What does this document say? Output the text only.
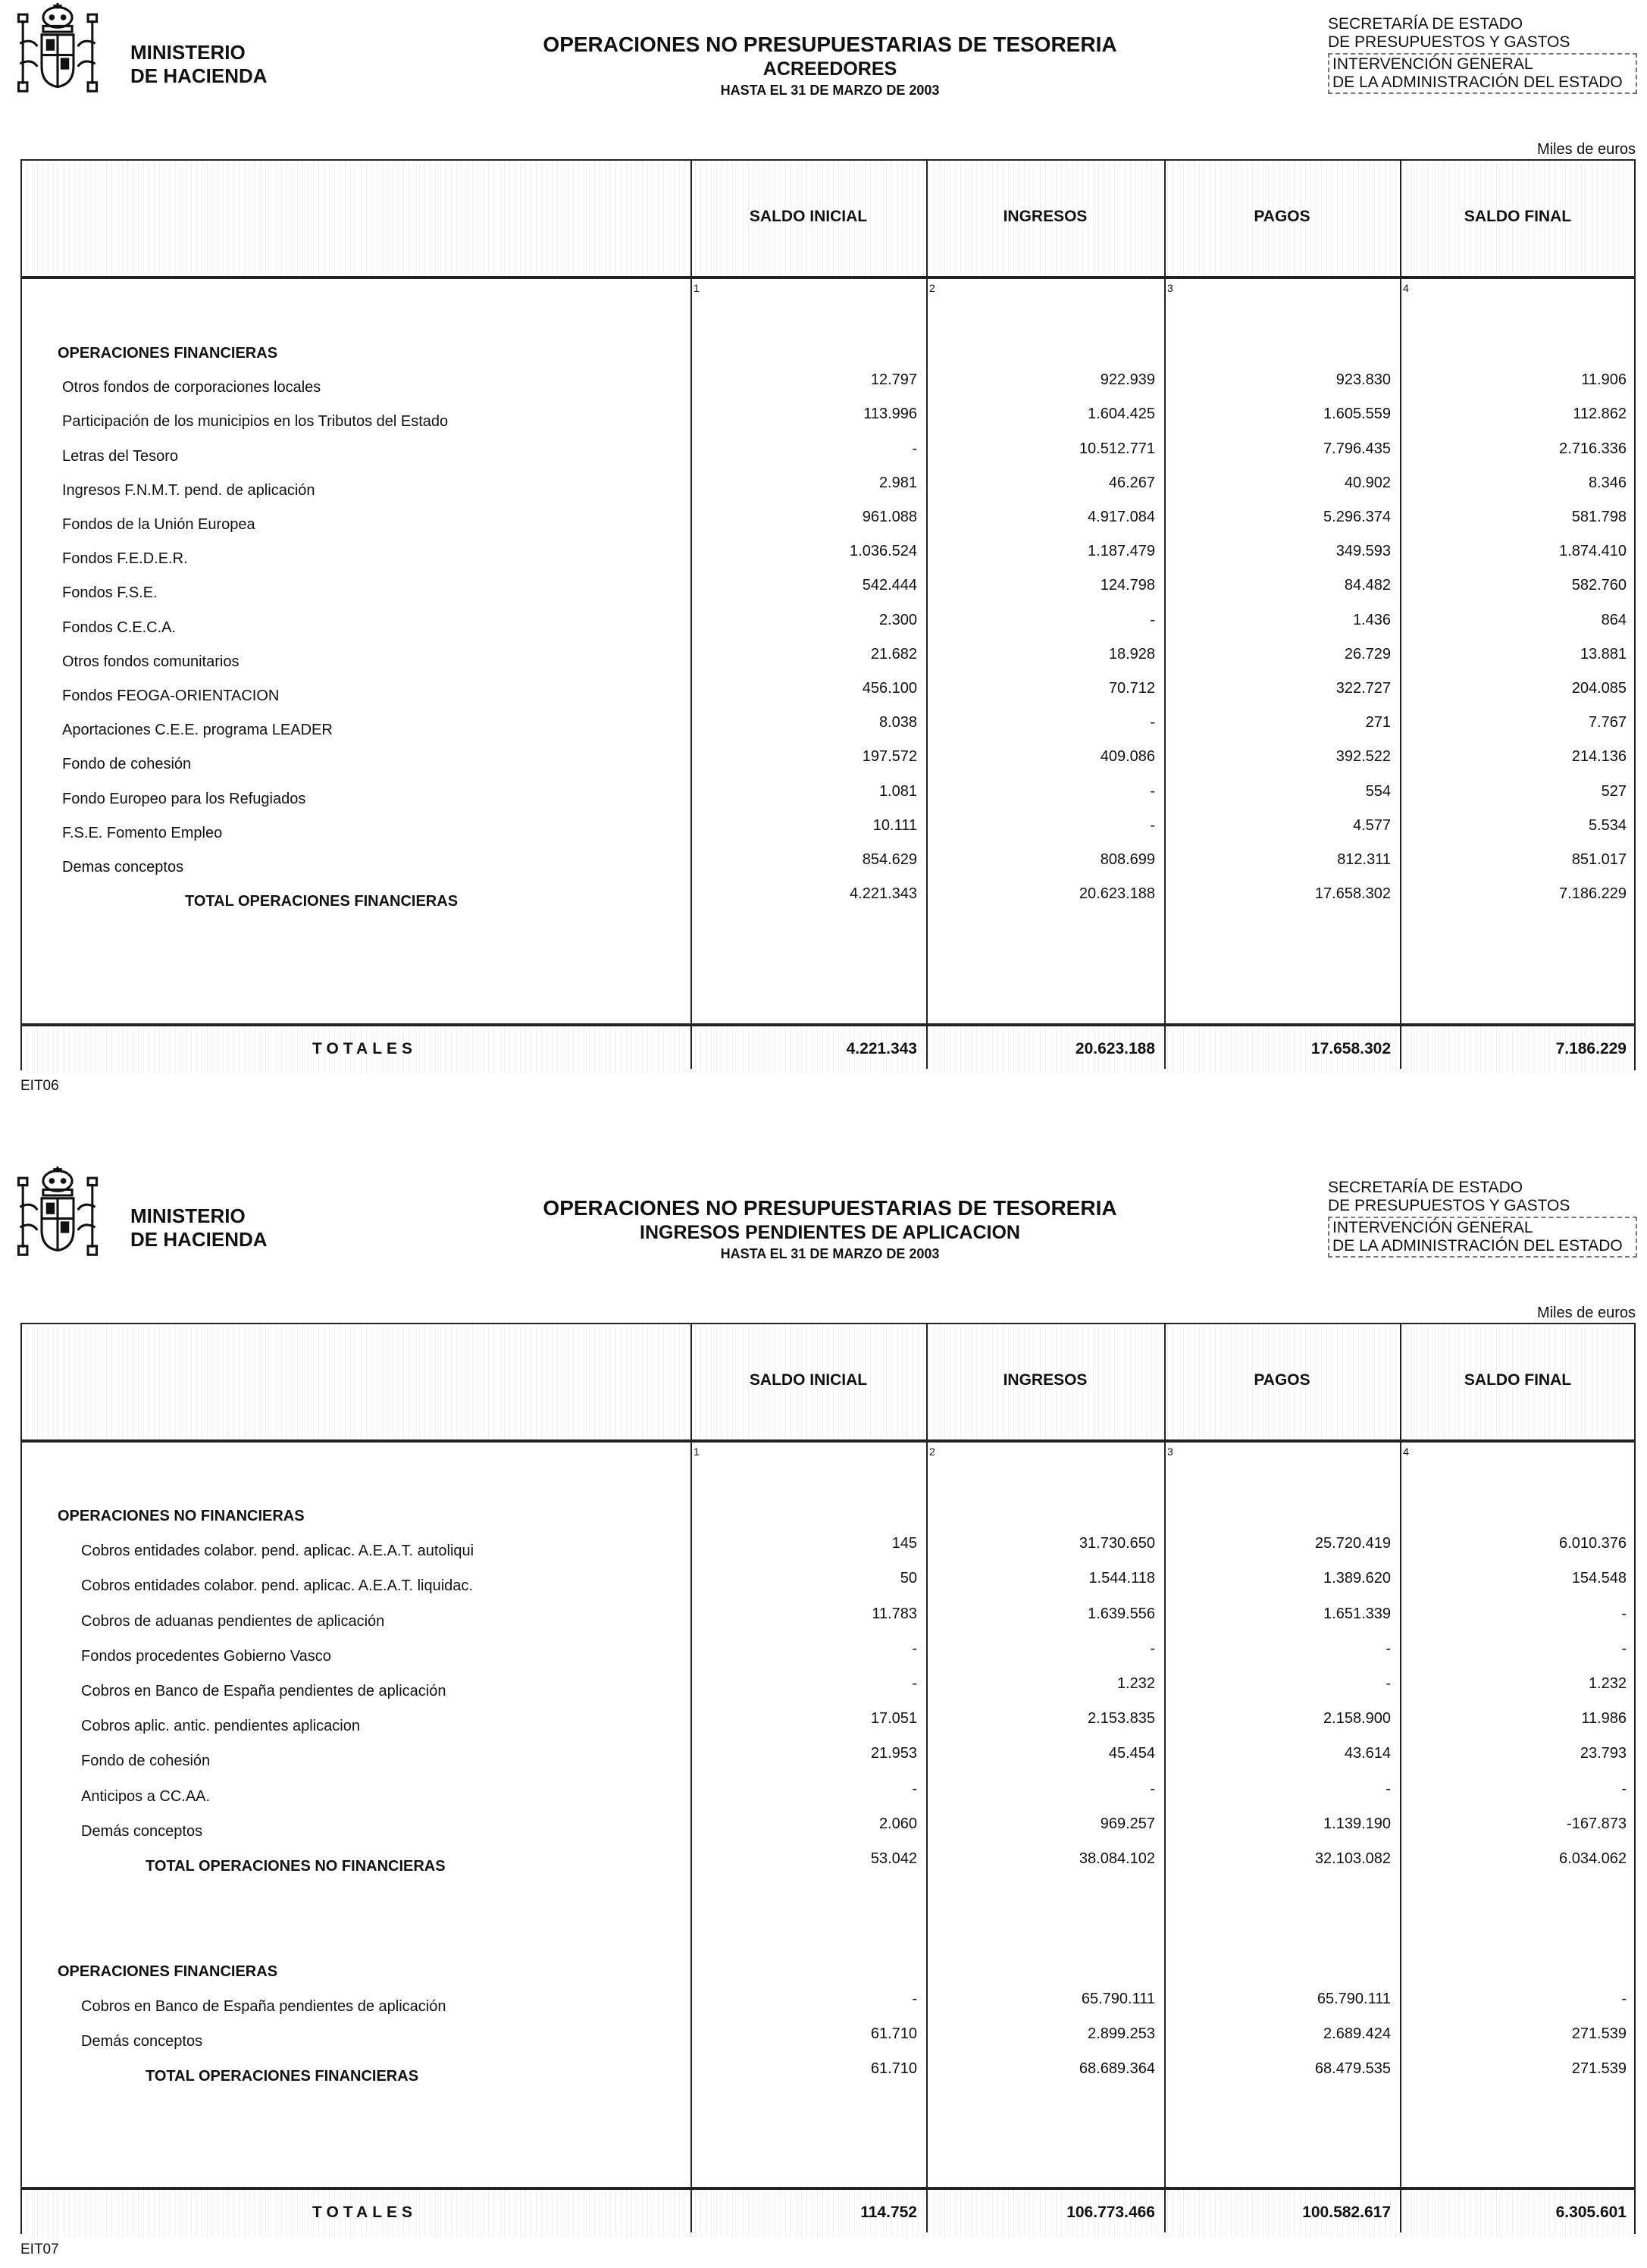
MINISTERIO
DE HACIENDA
OPERACIONES NO PRESUPUESTARIAS DE TESORERIA
ACREEDORES
HASTA EL 31 DE MARZO DE 2003
SECRETARÍA DE ESTADO
DE PRESUPUESTOS Y GASTOS
INTERVENCIÓN GENERAL
DE LA ADMINISTRACIÓN DEL ESTADO
Miles de euros
SALDO INICIAL	INGRESOS	PAGOS	SALDO FINAL
1	2	3	4
OPERACIONES FINANCIERAS
Otros fondos de corporaciones locales	12.797	922.939	923.830	11.906
Participación de los municipios en los Tributos del Estado	113.996	1.604.425	1.605.559	112.862
Letras del Tesoro	-	10.512.771	7.796.435	2.716.336
Ingresos F.N.M.T. pend. de aplicación	2.981	46.267	40.902	8.346
Fondos de la Unión Europea	961.088	4.917.084	5.296.374	581.798
Fondos F.E.D.E.R.	1.036.524	1.187.479	349.593	1.874.410
Fondos F.S.E.	542.444	124.798	84.482	582.760
Fondos C.E.C.A.	2.300	-	1.436	864
Otros fondos comunitarios	21.682	18.928	26.729	13.881
Fondos FEOGA-ORIENTACION	456.100	70.712	322.727	204.085
Aportaciones C.E.E. programa LEADER	8.038	-	271	7.767
Fondo de cohesión	197.572	409.086	392.522	214.136
Fondo Europeo para los Refugiados	1.081	-	554	527
F.S.E. Fomento Empleo	10.111	-	4.577	5.534
Demas conceptos	854.629	808.699	812.311	851.017
TOTAL OPERACIONES FINANCIERAS	4.221.343	20.623.188	17.658.302	7.186.229
TOTALES	4.221.343	20.623.188	17.658.302	7.186.229
EIT06
MINISTERIO
DE HACIENDA
OPERACIONES NO PRESUPUESTARIAS DE TESORERIA
INGRESOS PENDIENTES DE APLICACION
HASTA EL 31 DE MARZO DE 2003
SECRETARÍA DE ESTADO
DE PRESUPUESTOS Y GASTOS
INTERVENCIÓN GENERAL
DE LA ADMINISTRACIÓN DEL ESTADO
Miles de euros
SALDO INICIAL	INGRESOS	PAGOS	SALDO FINAL
1	2	3	4
OPERACIONES NO FINANCIERAS
Cobros entidades colabor. pend. aplicac. A.E.A.T. autoliqui	145	31.730.650	25.720.419	6.010.376
Cobros entidades colabor. pend. aplicac. A.E.A.T. liquidac.	50	1.544.118	1.389.620	154.548
Cobros de aduanas pendientes de aplicación	11.783	1.639.556	1.651.339	-
Fondos procedentes Gobierno Vasco	-	-	-	-
Cobros en Banco de España pendientes de aplicación	-	1.232	-	1.232
Cobros aplic. antic. pendientes aplicacion	17.051	2.153.835	2.158.900	11.986
Fondo de cohesión	21.953	45.454	43.614	23.793
Anticipos a CC.AA.	-	-	-	-
Demás conceptos	2.060	969.257	1.139.190	-167.873
TOTAL OPERACIONES NO FINANCIERAS	53.042	38.084.102	32.103.082	6.034.062
OPERACIONES FINANCIERAS
Cobros en Banco de España pendientes de aplicación	-	65.790.111	65.790.111	-
Demás conceptos	61.710	2.899.253	2.689.424	271.539
TOTAL OPERACIONES FINANCIERAS	61.710	68.689.364	68.479.535	271.539
TOTALES	114.752	106.773.466	100.582.617	6.305.601
EIT07
